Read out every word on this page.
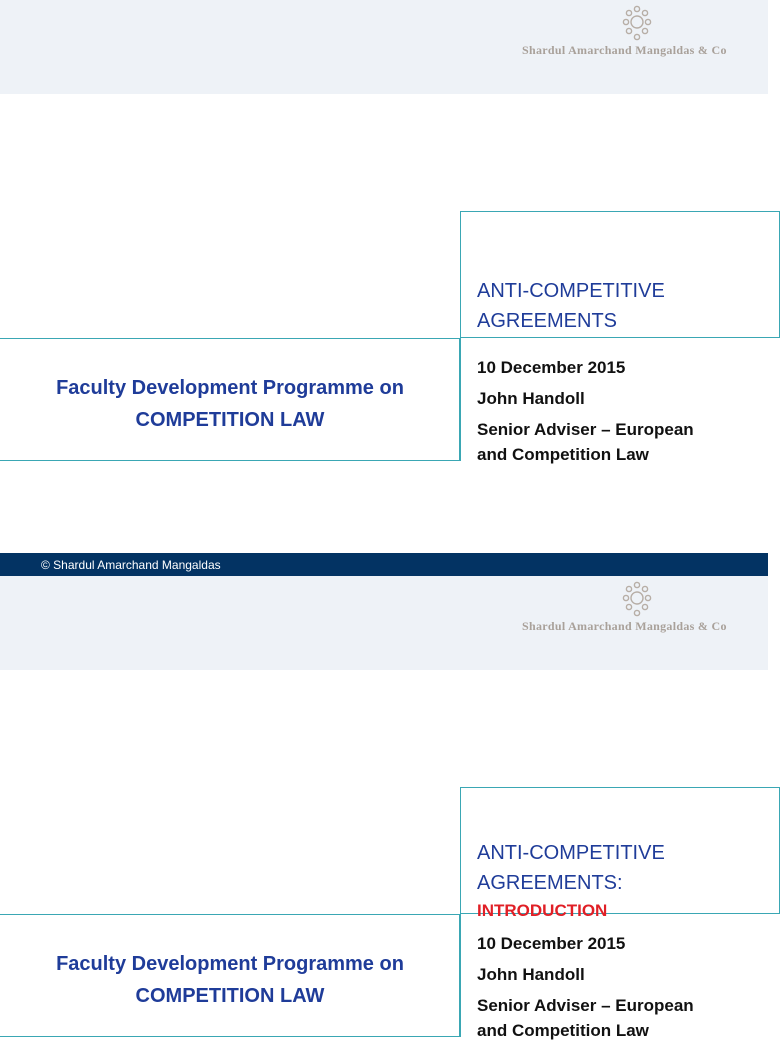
Shardul Amarchand Mangaldas & Co

ANTI-COMPETITIVE
AGREEMENTS

Faculty Development Programme on
COMPETITION LAW
10 December 2015
John Handoll
Senior Adviser – European
and Competition Law
© Shardul Amarchand Mangaldas
Shardul Amarchand Mangaldas & Co

ANTI-COMPETITIVE
AGREEMENTS:

INTRODUCTION

Faculty Development Programme on
COMPETITION LAW
10 December 2015
John Handoll
Senior Adviser – European
and Competition Law
